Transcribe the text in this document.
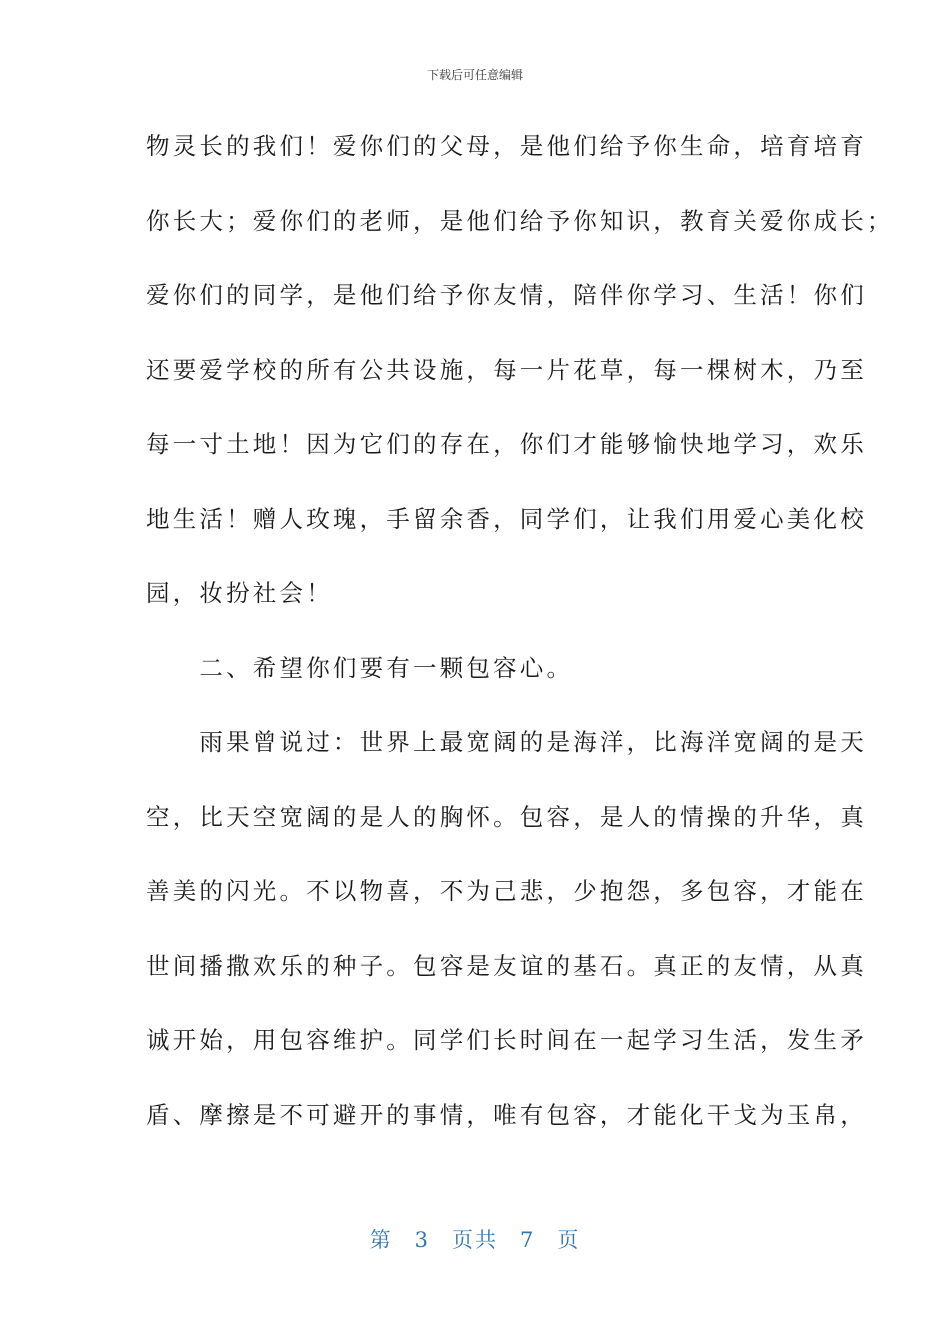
下载后可任意编辑
物灵长的我们！爱你们的父母，是他们给予你生命，培育培育
你长大；爱你们的老师，是他们给予你知识，教育关爱你成长；
爱你们的同学，是他们给予你友情，陪伴你学习、生活！你们
还要爱学校的所有公共设施，每一片花草，每一棵树木，乃至
每一寸土地！因为它们的存在，你们才能够愉快地学习，欢乐
地生活！赠人玫瑰，手留余香，同学们，让我们用爱心美化校
园，妆扮社会！
　　二、希望你们要有一颗包容心。
　　雨果曾说过：世界上最宽阔的是海洋，比海洋宽阔的是天
空，比天空宽阔的是人的胸怀。包容，是人的情操的升华，真
善美的闪光。不以物喜，不为己悲，少抱怨，多包容，才能在
世间播撒欢乐的种子。包容是友谊的基石。真正的友情，从真
诚开始，用包容维护。同学们长时间在一起学习生活，发生矛
盾、摩擦是不可避开的事情，唯有包容，才能化干戈为玉帛，
第 3 页共 7 页
